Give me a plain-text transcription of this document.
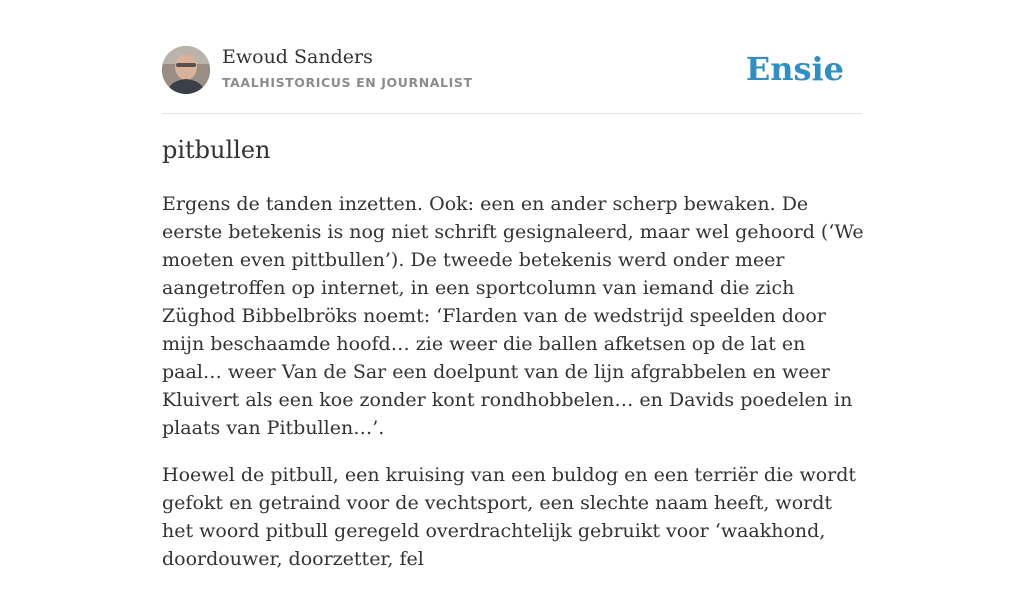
Ewoud Sanders
TAALHISTORICUS EN JOURNALIST	Ensie
pitbullen

Ergens de tanden inzetten. Ook: een en ander scherp bewaken. De eerste betekenis is nog niet schrift gesignaleerd, maar wel gehoord (‘We moeten even pittbullen’). De tweede betekenis werd onder meer aangetroffen op internet, in een sportcolumn van iemand die zich Züghod Bibbelbröks noemt: ‘Flarden van de wedstrijd speelden door mijn beschaamde hoofd… zie weer die ballen afketsen op de lat en paal… weer Van de Sar een doelpunt van de lijn afgrabbelen en weer Kluivert als een koe zonder kont rondhobbelen… en Davids poedelen in plaats van Pitbullen…’.

Hoewel de pitbull, een kruising van een buldog en een terriër die wordt gefokt en getraind voor de vechtsport, een slechte naam heeft, wordt het woord pitbull geregeld overdrachtelijk gebruikt voor ‘waakhond, doordouwer, doorzetter, fel
